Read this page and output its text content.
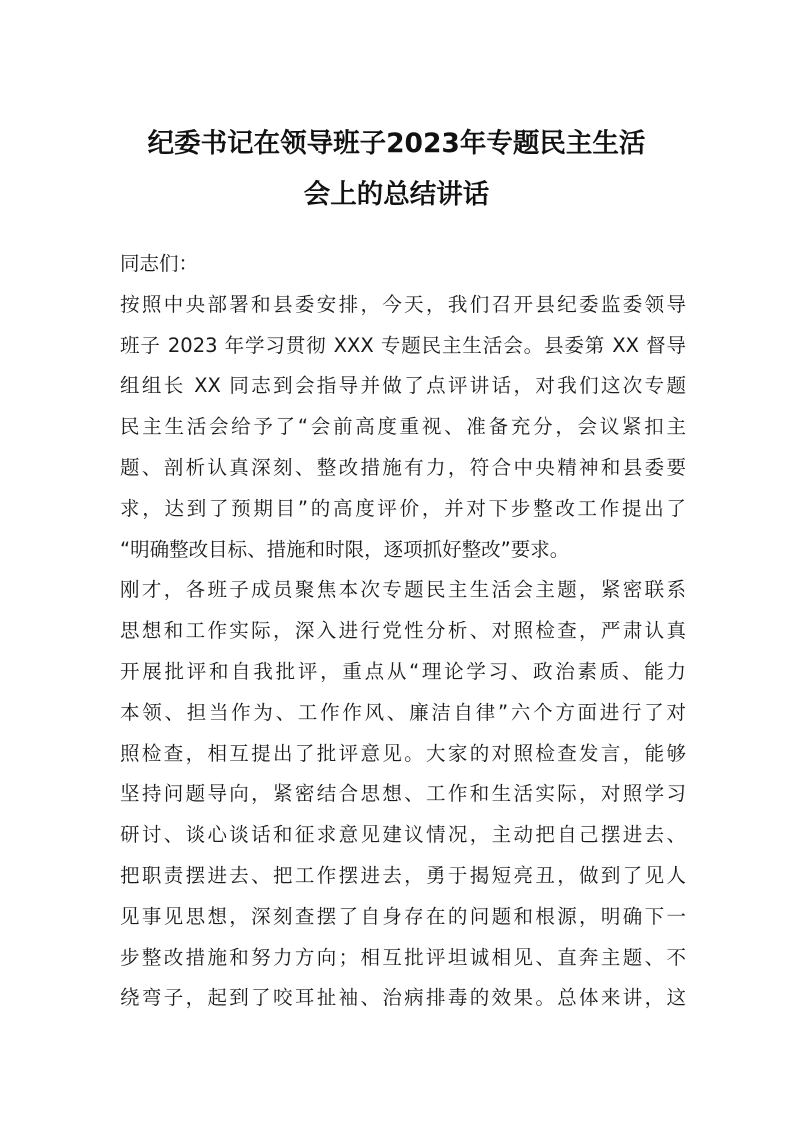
纪委书记在领导班子2023年专题民主生活
会上的总结讲话
同志们：
按照中央部署和县委安排，今天，我们召开县纪委监委领导
班子 2023 年学习贯彻 XXX 专题民主生活会。县委第 XX 督导
组组长 XX 同志到会指导并做了点评讲话，对我们这次专题
民主生活会给予了“会前高度重视、准备充分，会议紧扣主
题、剖析认真深刻、整改措施有力，符合中央精神和县委要
求，达到了预期目”的高度评价，并对下步整改工作提出了
“明确整改目标、措施和时限，逐项抓好整改”要求。
刚才，各班子成员聚焦本次专题民主生活会主题，紧密联系
思想和工作实际，深入进行党性分析、对照检查，严肃认真
开展批评和自我批评，重点从“理论学习、政治素质、能力
本领、担当作为、工作作风、廉洁自律”六个方面进行了对
照检查，相互提出了批评意见。大家的对照检查发言，能够
坚持问题导向，紧密结合思想、工作和生活实际，对照学习
研讨、谈心谈话和征求意见建议情况，主动把自己摆进去、
把职责摆进去、把工作摆进去，勇于揭短亮丑，做到了见人
见事见思想，深刻查摆了自身存在的问题和根源，明确下一
步整改措施和努力方向；相互批评坦诚相见、直奔主题、不
绕弯子，起到了咬耳扯袖、治病排毒的效果。总体来讲，这
